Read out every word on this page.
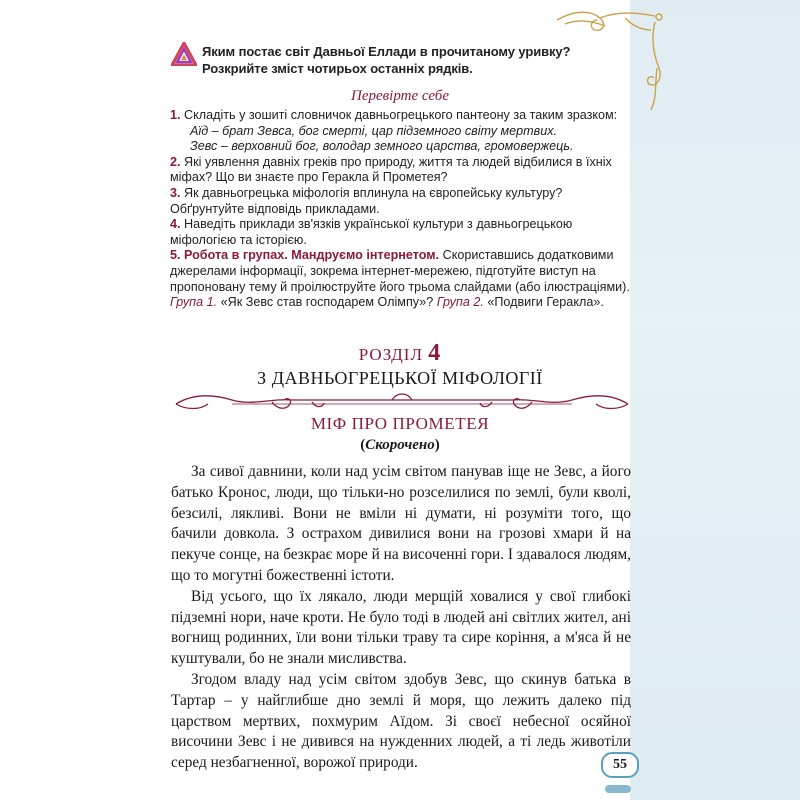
Яким постає світ Давньої Еллади в прочитаному уривку? Розкрийте зміст чотирьох останніх рядків.
Перевірте себе

1. Складіть у зошиті словничок давньогрецького пантеону за таким зразком:

Аїд – брат Зевса, бог смерті, цар підземного світу мертвих.

Зевс – верховний бог, володар земного царства, громовержець.

2. Які уявлення давніх греків про природу, життя та людей відбилися в їхніх міфах? Що ви знаєте про Геракла й Прометея?

3. Як давньогрецька міфологія вплинула на європейську культуру? Обґрунтуйте відповідь прикладами.

4. Наведіть приклади зв'язків української культури з давньогрецькою міфологією та історією.

5. Робота в групах. Мандруємо інтернетом. Скориставшись додатковими джерелами інформації, зокрема інтернет-мережею, підготуйте виступ на пропоновану тему й проілюструйте його трьома слайдами (або ілюстраціями). Група 1. «Як Зевс став господарем Олімпу»? Група 2. «Подвиги Геракла».

РОЗДІЛ 4
З ДАВНЬОГРЕЦЬКОЇ МІФОЛОГІЇ
МІФ ПРО ПРОМЕТЕЯ
(Скорочено)

За сивої давнини, коли над усім світом панував іще не Зевс, а його батько Кронос, люди, що тільки-но розселилися по землі, були кволі, безсилі, лякливі. Вони не вміли ні думати, ні розуміти того, що бачили довкола. З острахом дивилися вони на грозові хмари й на пекуче сонце, на безкрає море й на височенні гори. І здавалося людям, що то могутні божественні істоти.

Від усього, що їх лякало, люди мерщій ховалися у свої глибокі підземні нори, наче кроти. Не було тоді в людей ані світлих жител, ані вогнищ родинних, їли вони тільки траву та сире коріння, а м'яса й не куштували, бо не знали мисливства.

Згодом владу над усім світом здобув Зевс, що скинув батька в Тартар – у найглибше дно землі й моря, що лежить далеко під царством мертвих, похмурим Аїдом. Зі своєї небесної осяйної височини Зевс і не дивився на нужденних людей, а ті ледь животіли серед незбагненної, ворожої природи.	55
